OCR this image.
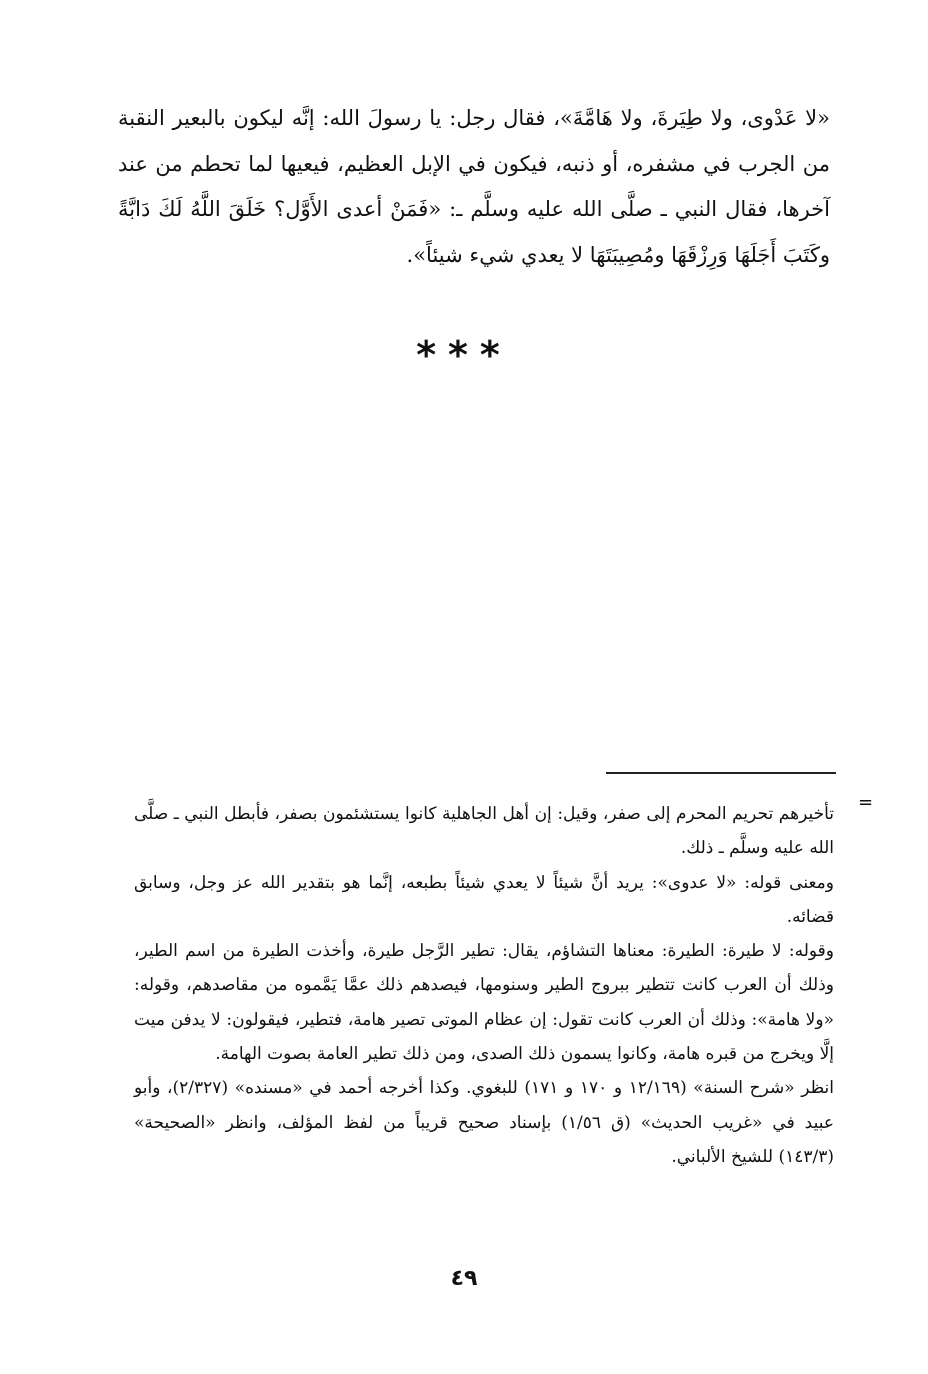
«لا عَدْوى، ولا طِيَرةَ، ولا هَامَّةَ»، فقال رجل: يا رسولَ الله: إنَّه ليكون بالبعير النقبة من الجرب في مشفره، أو ذنبه، فيكون في الإبل العظيم، فيعيها لما تحطم من عند آخرها، فقال النبي ـ صلَّى الله عليه وسلَّم ـ: «فَمَنْ أعدى الأَوَّل؟ خَلَقَ اللَّهُ لَكَ دَابَّةً وكَتَبَ أَجَلَهَا وَرِزْقَهَا ومُصِيبَتَهَا لا يعدي شيء شيئاً».

***
=

تأخيرهم تحريم المحرم إلى صفر، وقيل: إن أهل الجاهلية كانوا يستشئمون بصفر، فأبطل النبي ـ صلَّى الله عليه وسلَّم ـ ذلك.

ومعنى قوله: «لا عدوى»: يريد أنَّ شيئاً لا يعدي شيئاً بطبعه، إنَّما هو بتقدير الله عز وجل، وسابق قضائه.

وقوله: لا طيرة: الطيرة: معناها التشاؤم، يقال: تطير الرَّجل طيرة، وأخذت الطيرة من اسم الطير، وذلك أن العرب كانت تتطير ببروج الطير وسنومها، فيصدهم ذلك عمَّا يَمَّموه من مقاصدهم، وقوله: «ولا هامة»: وذلك أن العرب كانت تقول: إن عظام الموتى تصير هامة، فتطير، فيقولون: لا يدفن ميت إلَّا ويخرج من قبره هامة، وكانوا يسمون ذلك الصدى، ومن ذلك تطير العامة بصوت الهامة.

انظر «شرح السنة» (١٢/١٦٩ و ١٧٠ و ١٧١) للبغوي. وكذا أخرجه أحمد في «مسنده» (٢/٣٢٧)، وأبو عبيد في «غريب الحديث» (ق ١/٥٦) بإسناد صحيح قريباً من لفظ المؤلف، وانظر «الصحيحة» (١٤٣/٣) للشيخ الألباني.

٤٩
